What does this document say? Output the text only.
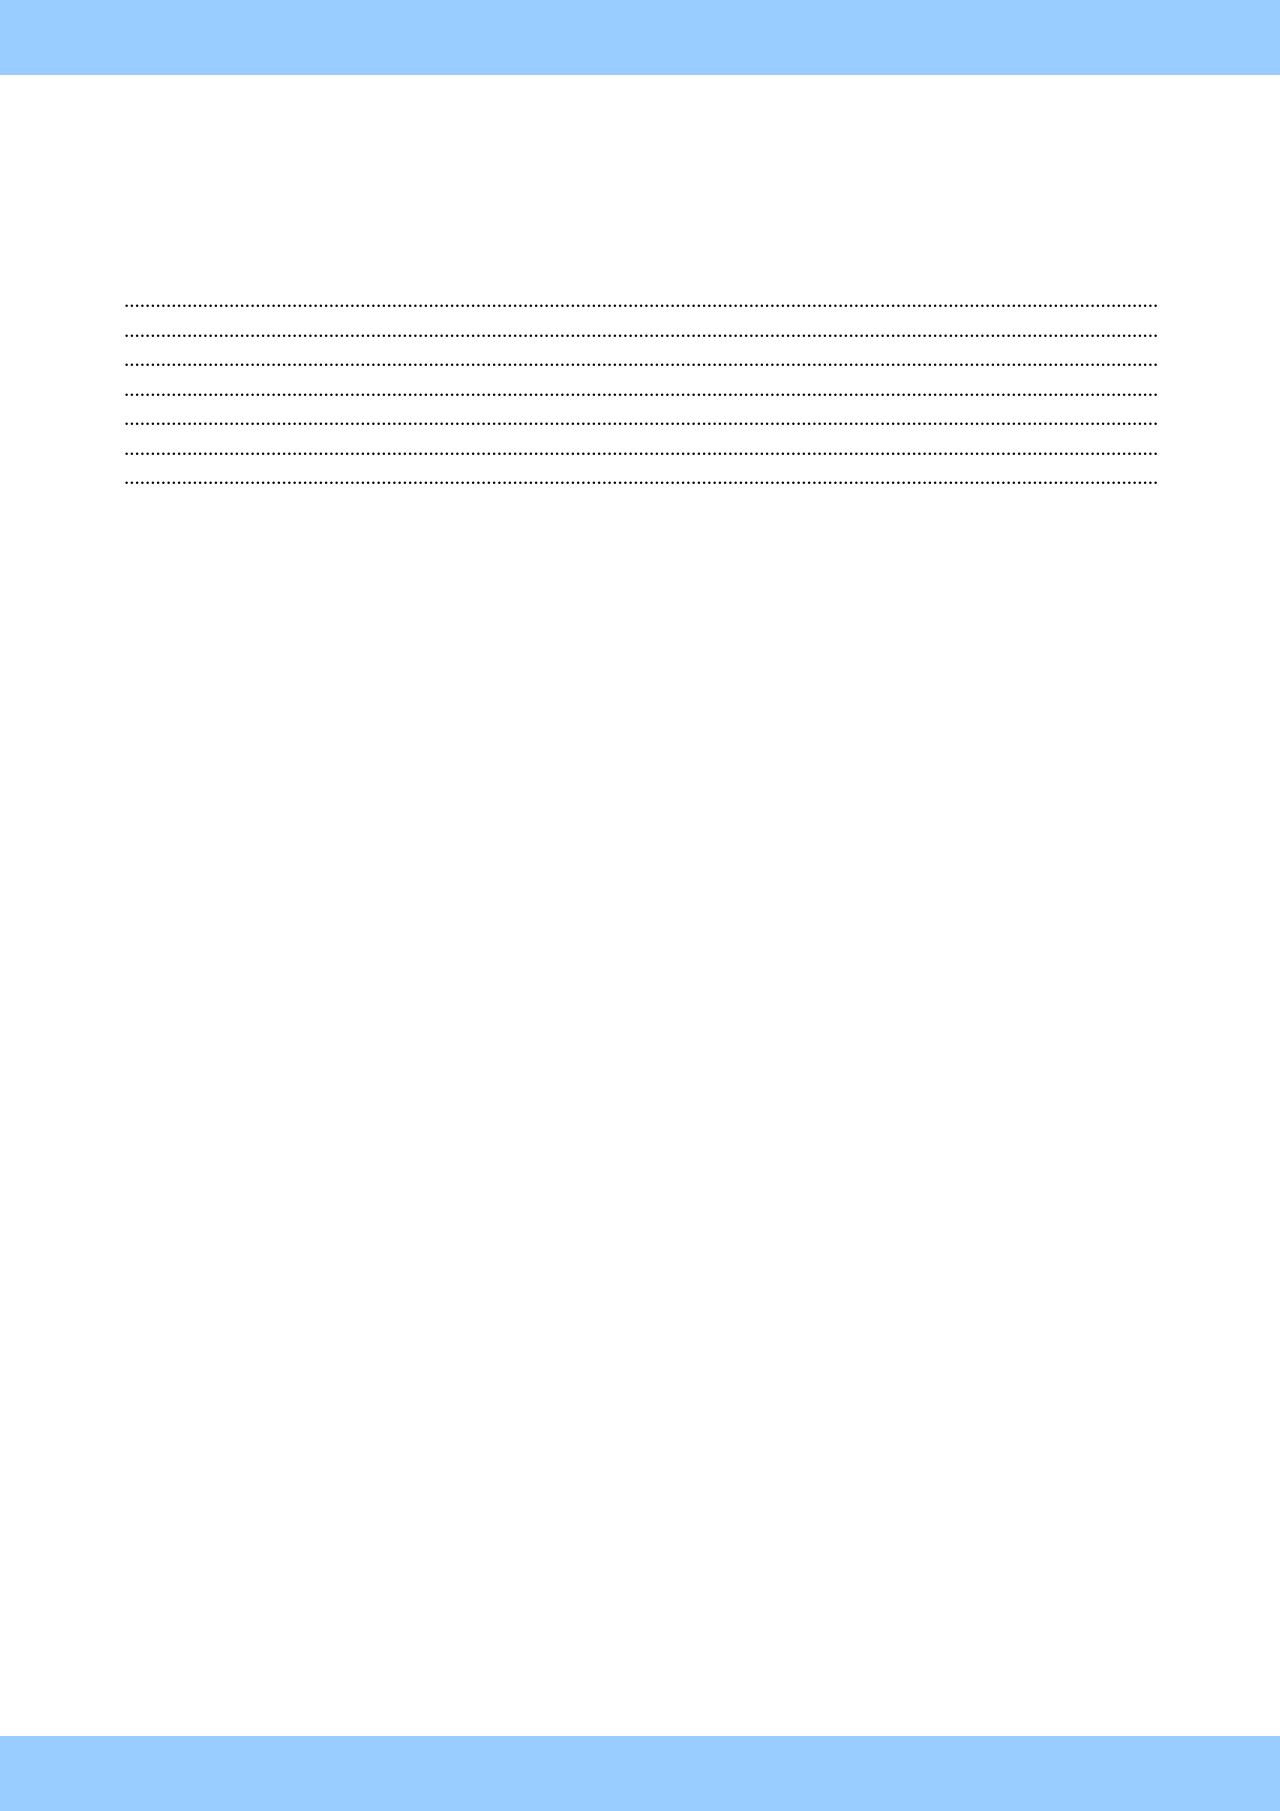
.....
.....
.....
.....
.....
.....
.....
